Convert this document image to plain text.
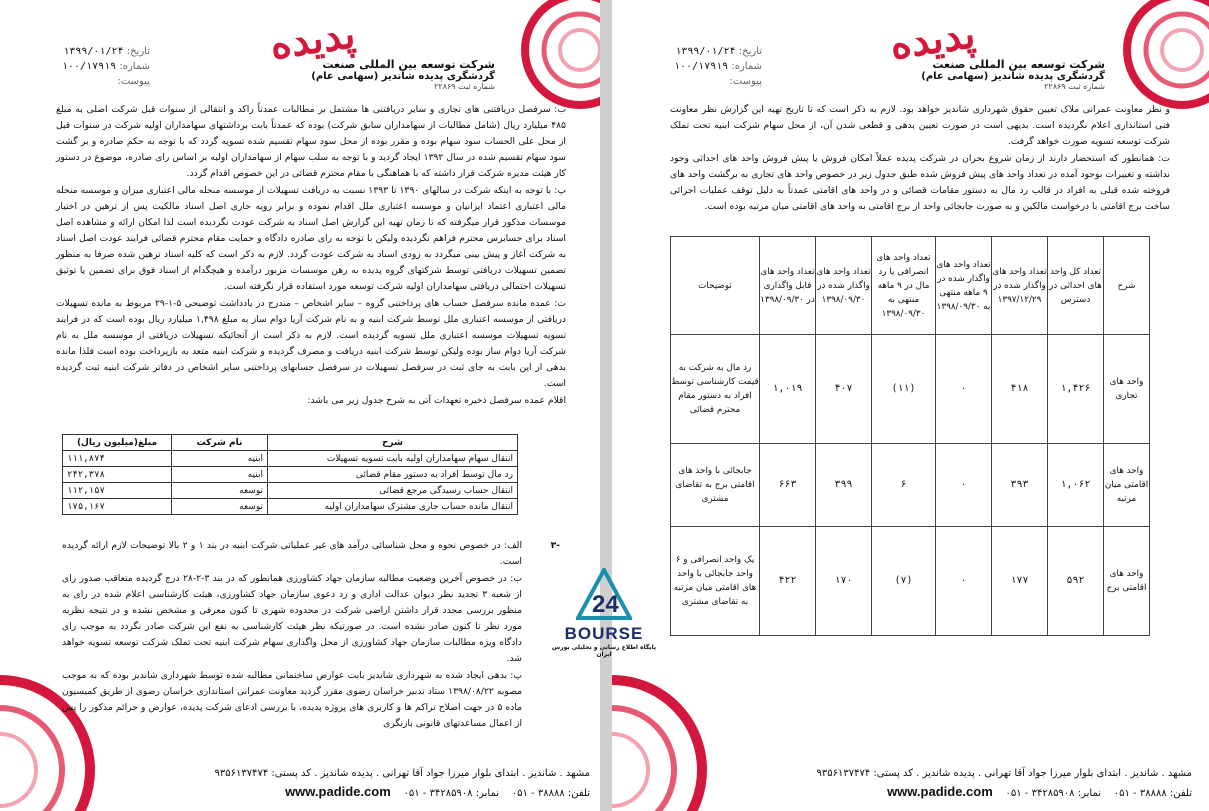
پدیده
شرکت توسعه بین المللی صنعت
گردشگری پدیده شاندیز (سهامی عام)
شماره ثبت ۲۲۸۶۹
تاریخ: ۱۳۹۹/۰۱/۲۴
شماره: ۱۰۰/۱۷۹۱۹
پیوست:

ب: سرفصل دریافتنی های تجاری و سایر دریافتنی ها مشتمل بر مطالبات عمدتاً راکد و انتقالی از سنوات قبل شرکت اصلی به مبلغ ۴۸۵ میلیارد ریال (شامل مطالبات از سهامداران سابق شرکت) بوده که عمدتاً بابت برداشتهای سهامداران اولیه شرکت در سنوات قبل از محل علی الحساب سود سهام بوده و مقرر بوده از محل سود سهام تقسیم شده تسویه گردد که با توجه به حکم صادره و بر گشت سود سهام تقسیم شده در سال ۱۳۹۲ ایجاد گردید و با توجه به سلب سهام از سهامداران اولیه بر اساس رای صادره، موضوع در دستور کار هیئت مدیره شرکت قرار داشته که با هماهنگی با مقام محترم قضائی در این خصوص اقدام گردد.

پ: با توجه به اینکه شرکت در سالهای ۱۳۹۰ تا ۱۳۹۳ نسبت به دریافت تسهیلات از موسسه منحله مالی اعتباری میزان و موسسه منحله مالی اعتباری اعتماد ایرانیان و موسسه اعتباری ملل اقدام نموده و برابر رویه جاری اصل اسناد مالکیت پس از ترهین در اختیار موسسات مذکور قرار میگرفته که تا زمان تهیه این گزارش اصل اسناد به شرکت عودت نگردیده است لذا امکان ارائه و مشاهده اصل اسناد برای حسابرس محترم فراهم نگردیده ولیکن با توجه به رای صادره دادگاه و حمایت مقام محترم قضائی فرایند عودت اصل اسناد به شرکت آغاز و پیش بینی میگردد به زودی اسناد به شرکت عودت گردد. لازم به ذکر است که کلیه اسناد ترهین شده صرفا به منظور تضمین تسهیلات دریافتی توسط شرکتهای گروه پدیده به رهن موسسات مزبور درآمده و هیچگدام از اسناد فوق برای تضمین یا توثیق تسهیلات احتمالی دریافتی سهامداران اولیه شرکت توسعه مورد استفاده قرار نگرفته است.

ت: عمده مانده سرفصل حساب های پرداختنی گروه – سایر اشخاص – مندرج در یادداشت توضیحی ۵-۱-۲۹ مربوط به مانده تسهیلات دریافتی از موسسه اعتباری ملل توسط شرکت ابنیه و به نام شرکت آریا دوام ساز به مبلغ ۱,۴۹۸ میلیارد ریال بوده است که در فرایند تسویه تسهیلات موسسه اعتباری ملل تسویه گردیده است. لازم به ذکر است از آنجائیکه تسهیلات دریافتی از موسسه ملل به نام شرکت آریا دوام ساز بوده ولیکن توسط شرکت ابنیه دریافت و مصرف گردیده و شرکت ابنیه متعد به بازپرداخت بوده است فلذا مانده بدهی از این بابت به جای ثبت در سرفصل تسهیلات در سرفصل حسابهای پرداختنی سایر اشخاص در دفاتر شرکت ابنیه ثبت گردیده است.

اقلام عمده سرفصل ذخیره تعهدات آتی به شرح جدول زیر می باشد:

شرح	نام شرکت	مبلغ(میلیون ریال)
انتقال سهام سهامداران اولیه بابت تسویه تسهیلات	ابنیه	۱۱۱,۸۷۴
رد مال توسط افراد به دستور مقام قضائی	ابنیه	۲۴۲,۳۷۸
انتقال حساب رسیدگی مرجع قضائی	توسعه	۱۱۲,۱۵۷
انتقال مانده حساب جاری مشترک سهامداران اولیه	توسعه	۱۷۵,۱۶۷
-۳

الف: در خصوص نحوه و محل شناسائی درآمد های غیر عملیاتی شرکت ابنیه در بند ۱ و ۲ بالا توضیحات لازم ارائه گردیده است.

ب: در خصوص آخرین وضعیت مطالبه سازمان جهاد کشاورزی همانطور که در بند ۳-۲-۲۸ درج گردیده متعاقب صدور رای از شعبه ۳ تجدید نظر دیوان عدالت اداری و رد دعوی سازمان جهاد کشاورزی، هیئت کارشناسی اعلام شده در رای به منظور بررسی مجدد قرار داشتن اراضی شرکت در محدوده شهری تا کنون معرفی و مشخص نشده و در نتیجه نظریه مورد نظر تا کنون صادر نشده است. در صورتیکه نظر هیئت کارشناسی به نفع این شرکت صادر نگردد به موجب رای دادگاه ویژه مطالبات سازمان جهاد کشاورزی از محل واگذاری سهام شرکت ابنیه تحت تملک شرکت توسعه تسویه خواهد شد.

پ: بدهی ایجاد شده به شهرداری شاندیز بابت عوارض ساختمانی مطالبه شده توسط شهرداری شاندیز بوده که به موجب مصوبه ۱۳۹۸/۰۸/۲۲ ستاد تدبیر خراسان رضوی مقرر گردید معاونت عمرانی استانداری خراسان رضوی از طریق کمیسیون ماده ۵ در جهت اصلاح تراکم ها و کاربری های پروژه پدیده، با بررسی ادعای شرکت پدیده، عوارض و جرائم مذکور را پس از اعمال مساعدتهای قانونی بازنگری

مشهد . شاندیز . ابتدای بلوار میرزا جواد آقا تهرانی . پدیده شاندیز . کد پستی: ۹۳۵۶۱۳۷۴۷۴
تلفن: ۳۸۸۸۸ - ۰۵۱    نمابر: ۳۴۲۸۵۹۰۸ - ۰۵۱    www.padide.com
پدیده
شرکت توسعه بین المللی صنعت
گردشگری پدیده شاندیز (سهامی عام)
شماره ثبت ۲۲۸۶۹
تاریخ: ۱۳۹۹/۰۱/۲۴
شماره: ۱۰۰/۱۷۹۱۹
پیوست:

و نظر معاونت عمرانی ملاک تعیین حقوق شهرداری شاندیز خواهد بود. لازم به ذکر است که تا تاریخ تهیه این گزارش نظر معاونت فنی استانداری اعلام نگردیده است. بدیهی است در صورت تعیین بدهی و قطعی شدن آن، از محل سهام شرکت ابنیه تحت تملک شرکت توسعه تسویه صورت خواهد گرفت.

ت: همانطور که استحضار دارند از زمان شروع بحران در شرکت پدیده عملاً امکان فروش یا پیش فروش واحد های احداثی وجود نداشته و تغییرات بوجود آمده در تعداد واحد های پیش فروش شده طبق جدول زیر در خصوص واحد های تجاری به برگشت واحد های فروخته شده قبلی به افراد در قالب رد مال به دستور مقامات قضائی و در واحد های اقامتی عمدتاً به دلیل توقف عملیات اجرائی ساخت برج اقامتی با درخواست مالکین و به صورت جابجائی واحد از برج اقامتی به واحد های اقامتی میان مرتبه بوده است.

شرح	تعداد کل واحد های احداثی در دسترس	تعداد واحد های واگذار شده در ۱۳۹۷/۱۲/۲۹	تعداد واحد های واگذار شده در ۹ ماهه منتهی به ۱۳۹۸/۰۹/۳۰	تعداد واحد های انصرافی یا رد مال در ۹ ماهه منتهی به ۱۳۹۸/۰۹/۳۰	تعداد واحد های واگذار شده در ۱۳۹۸/۰۹/۳۰	تعداد واحد های قابل واگذاری در ۱۳۹۸/۰۹/۳۰	توضیحات
واحد های تجاری	۱,۴۲۶	۴۱۸	۰	(۱۱)	۴۰۷	۱,۰۱۹	رد مال به شرکت به قیمت کارشناسی توسط افراد به دستور مقام محترم قضائی
واحد های اقامتی میان مرتبه	۱,۰۶۲	۳۹۳	۰	۶	۳۹۹	۶۶۳	جابجائی با واحد های اقامتی برج به تقاضای مشتری
واحد های اقامتی برج	۵۹۲	۱۷۷	۰	(۷)	۱۷۰	۴۲۲	یک واحد انصرافی و ۶ واحد جابجائی با واحد های اقامتی میان مرتبه به تقاضای مشتری
مشهد . شاندیز . ابتدای بلوار میرزا جواد آقا تهرانی . پدیده شاندیز . کد پستی: ۹۳۵۶۱۳۷۴۷۴
تلفن: ۳۸۸۸۸ - ۰۵۱    نمابر: ۳۴۲۸۵۹۰۸ - ۰۵۱    www.padide.com
24
BOURSE
پایگاه اطلاع رسانی و تحلیلی بورس ایران
